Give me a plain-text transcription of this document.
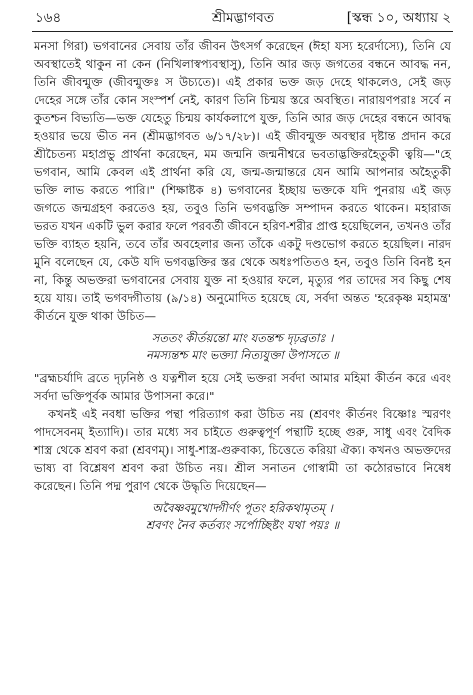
১৬৪	শ্রীমদ্ভাগবত	[স্কন্ধ ১০, অধ্যায় ২

মনসা গিরা) ভগবানের সেবায় তাঁর জীবন উৎসর্গ করেছেন (ঈহা যস্য হরের্দাস্যে), তিনি যে অবস্থাতেই থাকুন না কেন (নিখিলাস্বপ্যবস্থাসু), তিনি আর জড় জগতের বন্ধনে আবদ্ধ নন, তিনি জীবন্মুক্ত (জীবন্মুক্তঃ স উচ্যতে)। এই প্রকার ভক্ত জড় দেহে থাকলেও, সেই জড় দেহের সঙ্গে তাঁর কোন সংস্পর্শ নেই, কারণ তিনি চিন্ময় স্তরে অবস্থিত। নারায়ণপরাঃ সর্বে ন কুতশ্চন বিভ্যতি—ভক্ত যেহেতু চিন্ময় কার্যকলাপে যুক্ত, তিনি আর জড় দেহের বন্ধনে আবদ্ধ হওয়ার ভয়ে ভীত নন (শ্রীমদ্ভাগবত ৬/১৭/২৮)। এই জীবন্মুক্ত অবস্থার দৃষ্টান্ত প্রদান করে শ্রীচৈতন্য মহাপ্রভু প্রার্থনা করেছেন, মম জন্মনি জন্মনীশ্বরে ভবতাদ্ভক্তিরহৈতুকী ত্বয়ি—"হে ভগবান, আমি কেবল এই প্রার্থনা করি যে, জন্ম-জন্মান্তরে যেন আমি আপনার অহৈতুকী ভক্তি লাভ করতে পারি।" (শিক্ষাষ্টক ৪) ভগবানের ইচ্ছায় ভক্তকে যদি পুনরায় এই জড় জগতে জন্মগ্রহণ করতেও হয়, তবুও তিনি ভগবদ্ভক্তি সম্পাদন করতে থাকেন। মহারাজ ভরত যখন একটি ভুল করার ফলে পরবর্তী জীবনে হরিণ-শরীর প্রাপ্ত হয়েছিলেন, তখনও তাঁর ভক্তি ব্যাহত হয়নি, তবে তাঁর অবহেলার জন্য তাঁকে একটু দণ্ডভোগ করতে হয়েছিল। নারদ মুনি বলেছেন যে, কেউ যদি ভগবদ্ভক্তির স্তর থেকে অধঃপতিতও হন, তবুও তিনি বিনষ্ট হন না, কিন্তু অভক্তরা ভগবানের সেবায় যুক্ত না হওয়ার ফলে, মৃত্যুর পর তাদের সব কিছু শেষ হয়ে যায়। তাই ভগবদ্গীতায় (৯/১৪) অনুমোদিত হয়েছে যে, সর্বদা অন্তত 'হরেকৃষ্ণ মহামন্ত্র' কীর্তনে যুক্ত থাকা উচিত—

সততং কীর্তয়ন্তো মাং যতন্তশ্চ দৃঢ়ব্রতাঃ ।

নমস্যন্তশ্চ মাং ভক্ত্যা নিত্যযুক্তা উপাসতে ॥

"ব্রহ্মচর্যাদি ব্রতে দৃঢ়নিষ্ঠ ও যত্নশীল হয়ে সেই ভক্তরা সর্বদা আমার মহিমা কীর্তন করে এবং সর্বদা ভক্তিপূর্বক আমার উপাসনা করে।"

কখনই এই নবধা ভক্তির পন্থা পরিত্যাগ করা উচিত নয় (শ্রবণং কীর্তনং বিষ্ণোঃ স্মরণং পাদসেবনম্ ইত্যাদি)। তার মধ্যে সব চাইতে গুরুত্বপূর্ণ পন্থাটি হচ্ছে গুরু, সাধু এবং বৈদিক শাস্ত্র থেকে শ্রবণ করা (শ্রবণম্)। সাধু-শাস্ত্র-গুরুবাক্য, চিত্তেতে করিয়া ঐক্য। কখনও অভক্তদের ভাষ্য বা বিশ্লেষণ শ্রবণ করা উচিত নয়। শ্রীল সনাতন গোস্বামী তা কঠোরভাবে নিষেধ করেছেন। তিনি পদ্ম পুরাণ থেকে উদ্ধৃতি দিয়েছেন—

অবৈষ্ণবমুখোদ্গীর্ণং পূতং হরিকথামৃতম্ ।

শ্রবণং নৈব কর্তব্যং সর্পোচ্ছিষ্টং যথা পয়ঃ ॥
